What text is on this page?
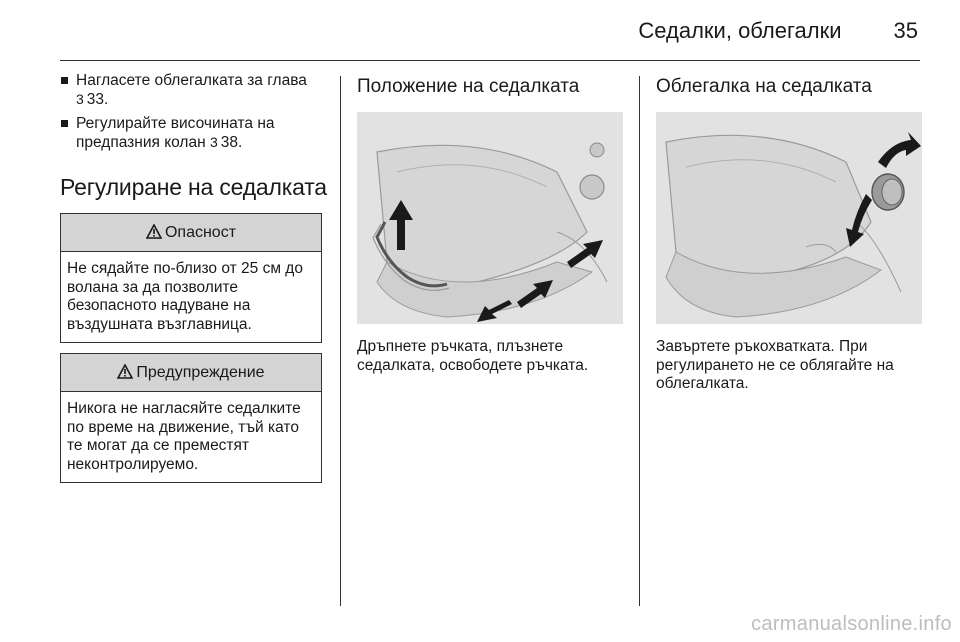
Седалки, облегалки 35
Нагласете облегалката за глава
3 33.
Регулирайте височината на предпазния колан 3 38.
Регулиране на седалката
Опасност
Не сядайте по-близо от 25 см до волана за да позволите безопасното надуване на въздушната възглавница.
Предупреждение
Никога не нагласяйте седалките по време на движение, тъй като те могат да се преместят неконтролируемо.
Положение на седалката
Дръпнете ръчката, плъзнете седалката, освободете ръчката.
Облегалка на седалката
Завъртете ръкохватката. При регулирането не се облягайте на облегалката.
carmanualsonline.info
